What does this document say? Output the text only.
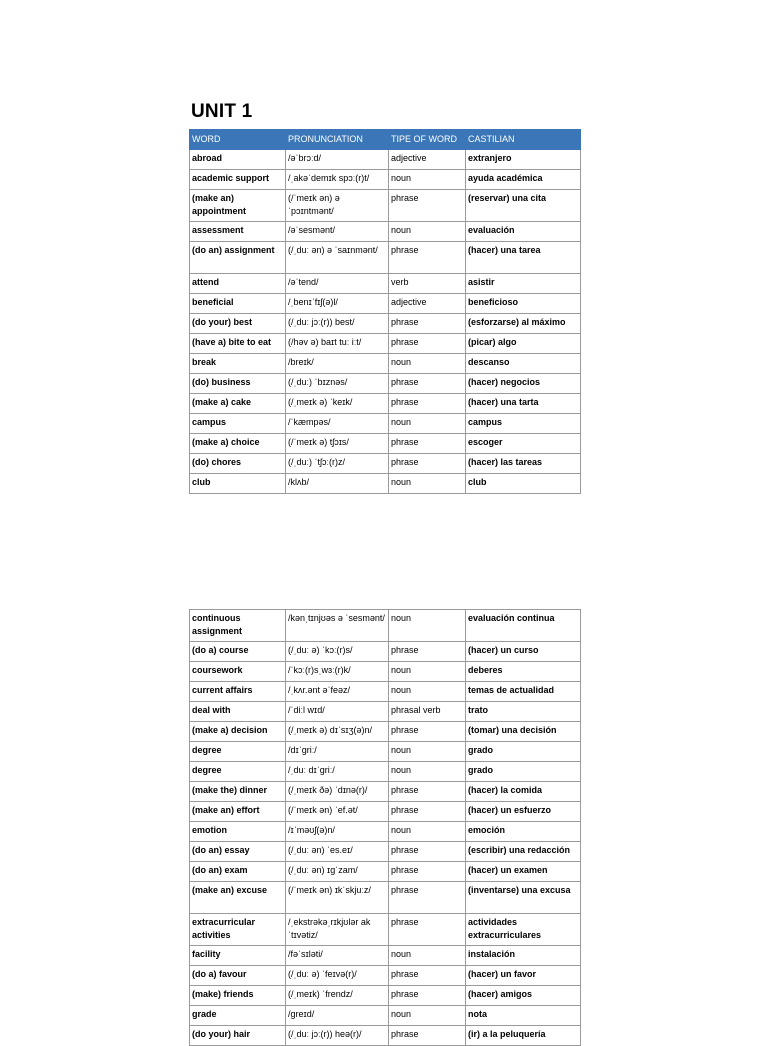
UNIT 1
WORD	PRONUNCIATION	TIPE OF WORD	CASTILIAN
abroad	/əˈbrɔːd/	adjective	extranjero
academic support	/ˌakəˈdemɪk spɔː(r)t/	noun	ayuda académica
(make an) appointment	(/ˈmeɪk ən) ə ˈpɔɪntmənt/	phrase	(reservar) una cita
assessment	/əˈsesmənt/	noun	evaluación
(do an) assignment	(/ˌduː ən) ə ˈsaɪnmənt/	phrase	(hacer) una tarea
attend	/əˈtend/	verb	asistir
beneficial	/ˌbenɪˈfɪʃ(ə)l/	adjective	beneficioso
(do your) best	(/ˌduː jɔː(r)) best/	phrase	(esforzarse) al máximo
(have a) bite to eat	(/həv ə) baɪt tuː iːt/	phrase	(picar) algo
break	/breɪk/	noun	descanso
(do) business	(/ˌduː) ˈbɪznəs/	phrase	(hacer) negocios
(make a) cake	(/ˌmeɪk ə) ˈkeɪk/	phrase	(hacer) una tarta
campus	/ˈkæmpəs/	noun	campus
(make a) choice	(/ˈmeɪk ə) tʃɔɪs/	phrase	escoger
(do) chores	(/ˌduː) ˈtʃɔː(r)z/	phrase	(hacer) las tareas
club	/klʌb/	noun	club
continuous assignment	/kənˌtɪnjʊəs ə ˈsesmənt/	noun	evaluación continua
(do a) course	(/ˌduː ə) ˈkɔː(r)s/	phrase	(hacer) un curso
coursework	/ˈkɔː(r)sˌwɜː(r)k/	noun	deberes
current affairs	/ˌkʌr.ənt əˈfeəz/	noun	temas de actualidad
deal with	/ˈdiːl wɪd/	phrasal verb	trato
(make a) decision	(/ˌmeɪk ə) dɪˈsɪʒ(ə)n/	phrase	(tomar) una decisión
degree	/dɪˈgriː/	noun	grado
degree	/ˌduː dɪˈgriː/	noun	grado
(make the) dinner	(/ˌmeɪk ðə) ˈdɪnə(r)/	phrase	(hacer) la comida
(make an) effort	(/ˈmeɪk ən) ˈef.ət/	phrase	(hacer) un esfuerzo
emotion	/ɪˈməʊʃ(ə)n/	noun	emoción
(do an) essay	(/ˌduː ən) ˈes.eɪ/	phrase	(escribir) una redacción
(do an) exam	(/ˌduː ən) ɪgˈzam/	phrase	(hacer) un examen
(make an) excuse	(/ˈmeɪk ən) ɪkˈskjuːz/	phrase	(inventarse) una excusa
extracurricular activities	/ˌekstrəkəˌrɪkjʊlər ak ˈtɪvətiz/	phrase	actividades extracurriculares
facility	/fəˈsɪləti/	noun	instalación
(do a) favour	(/ˌduː ə) ˈfeɪvə(r)/	phrase	(hacer) un favor
(make) friends	(/ˌmeɪk) ˈfrendz/	phrase	(hacer) amigos
grade	/greɪd/	noun	nota
(do your) hair	(/ˌduː jɔː(r)) heə(r)/	phrase	(ir) a la peluquería
